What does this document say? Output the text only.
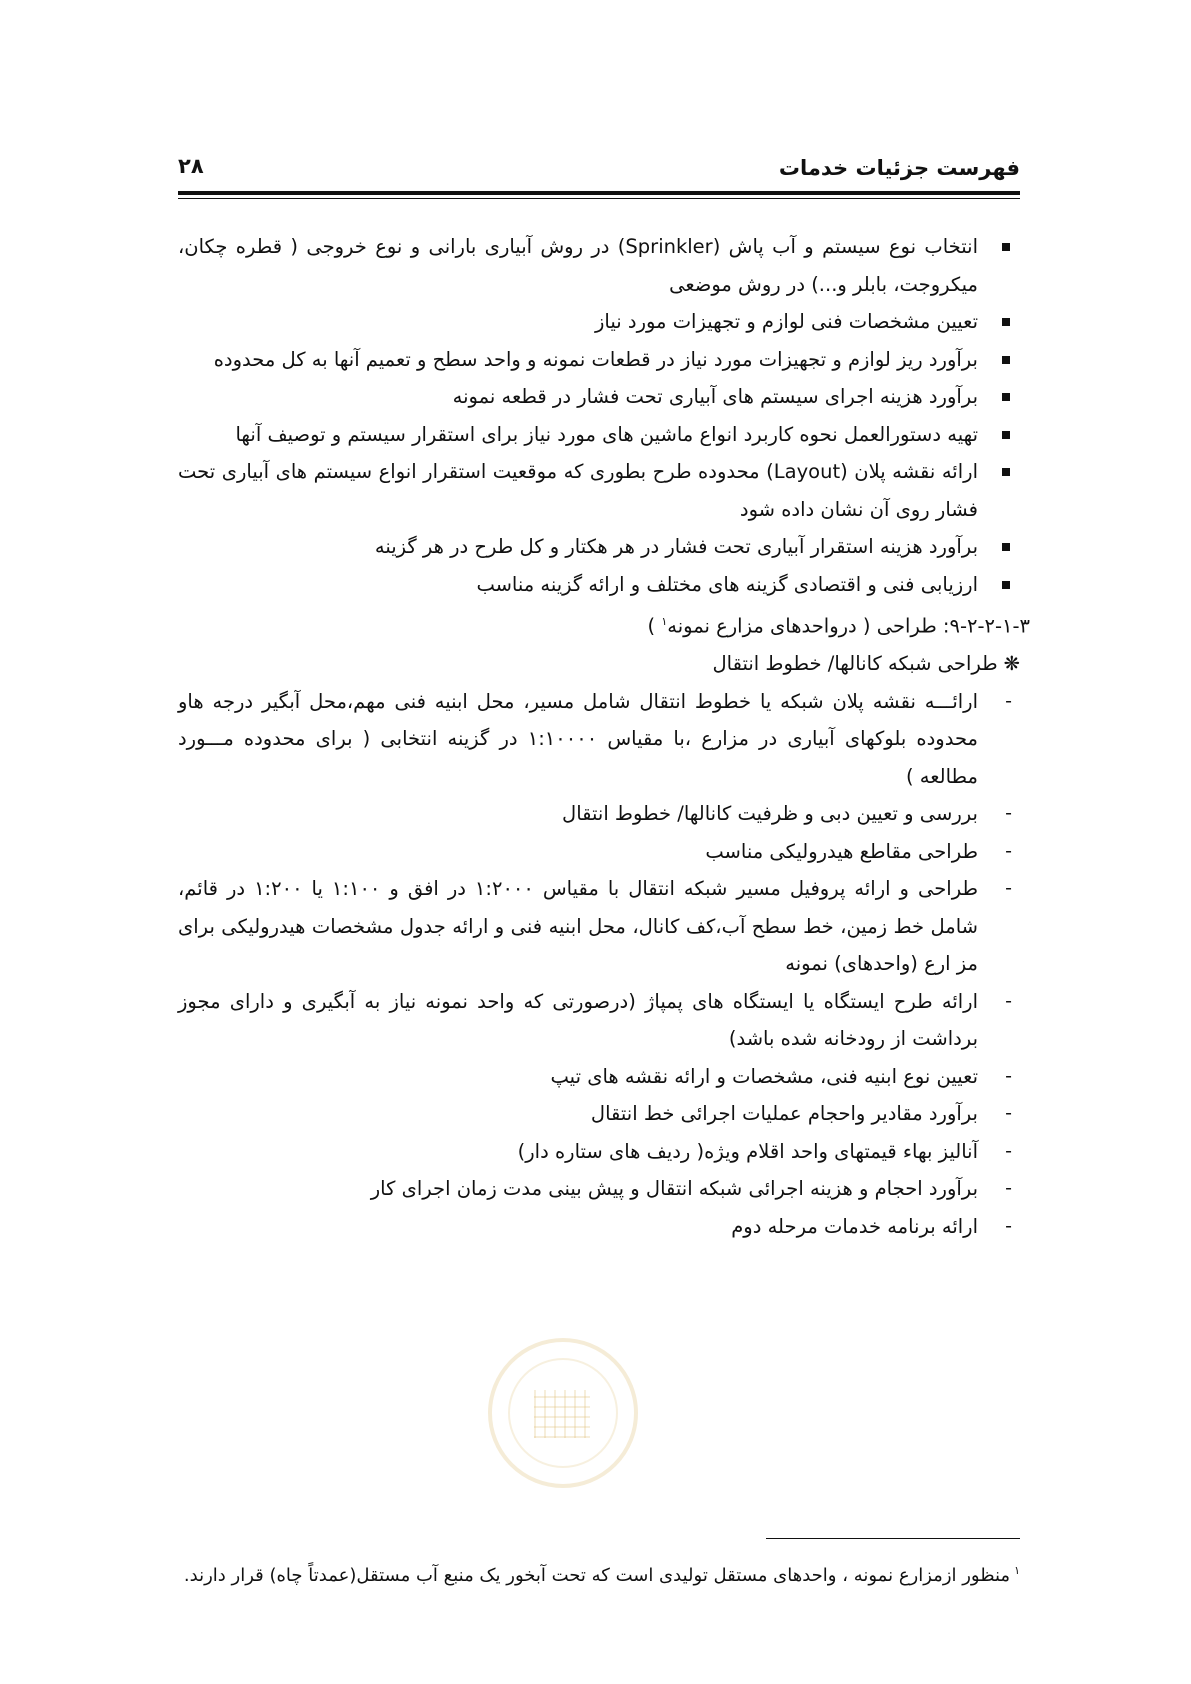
فهرست جزئیات خدمات
۲۸
انتخاب نوع سیستم و آب پاش (Sprinkler) در روش آبیاری بارانی و نوع خروجی ( قطره چکان، میکروجت، بابلر و...) در روش موضعی
تعیین مشخصات فنی لوازم و تجهیزات مورد نیاز
برآورد ریز لوازم و تجهیزات مورد نیاز در قطعات نمونه و واحد سطح و تعمیم آنها به کل محدوده
برآورد هزینه اجرای سیستم های آبیاری تحت فشار در قطعه نمونه
تهیه دستورالعمل نحوه کاربرد انواع ماشین های مورد نیاز برای استقرار سیستم و توصیف آنها
ارائه نقشه پلان (Layout) محدوده طرح بطوری که موقعیت استقرار انواع سیستم های آبیاری تحت فشار روی آن نشان داده شود
برآورد هزینه استقرار آبیاری تحت فشار در هر هکتار و کل طرح در هر گزینه
ارزیابی فنی و اقتصادی گزینه های مختلف و ارائه گزینه مناسب
۹-۲-۲-۱-۳: طراحی ( درواحدهای مزارع نمونه$^۱$ )
❋طراحی شبکه کانالها/ خطوط انتقال
-
ارائـــه نقشه پلان شبکه یا خطوط انتقال شامل مسیر، محل ابنیه فنی مهم،محل آبگیر درجه هاو محدوده بلوکهای آبیاری در مزارع ،با مقیاس ۱:۱۰۰۰۰ در گزینه انتخابی ( برای محدوده مـــورد مطالعه )
-
بررسی و تعیین دبی و ظرفیت کانالها/ خطوط انتقال
-
طراحی مقاطع هیدرولیکی مناسب
-
طراحی و ارائه پروفیل مسیر شبکه انتقال با مقیاس ۱:۲۰۰۰ در افق و ۱:۱۰۰ یا ۱:۲۰۰ در قائم، شامل خط زمین، خط سطح آب،کف کانال، محل ابنیه فنی و ارائه جدول مشخصات هیدرولیکی برای مز ارع (واحدهای) نمونه
-
ارائه طرح ایستگاه یا ایستگاه های پمپاژ (درصورتی که واحد نمونه نیاز به آبگیری و دارای مجوز برداشت از رودخانه شده باشد)
-
تعیین نوع ابنیه فنی، مشخصات و ارائه نقشه های تیپ
-
برآورد مقادیر واحجام عملیات اجرائی خط انتقال
-
آنالیز بهاء قیمتهای واحد اقلام ویژه( ردیف های ستاره دار)
-
برآورد احجام و هزینه اجرائی شبکه انتقال و پیش بینی مدت زمان اجرای کار
-
ارائه برنامه خدمات مرحله دوم
$^۱$منظور ازمزارع نمونه ، واحدهای مستقل تولیدی است که تحت آبخور یک منبع آب مستقل(عمدتاً چاه) قرار دارند.
